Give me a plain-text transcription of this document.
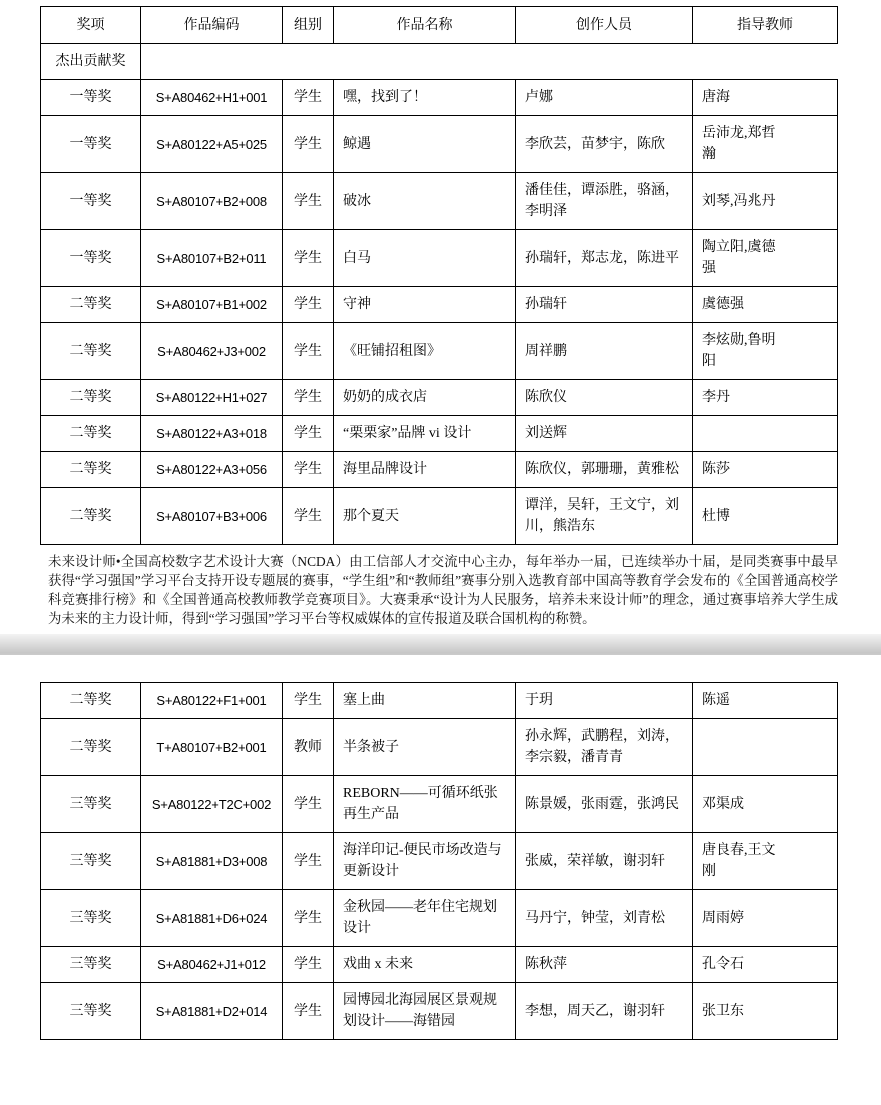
奖项	作品编码	组别	作品名称	创作人员	指导教师
杰出贡献奖					
一等奖	S+A80462+H1+001	学生	嘿，找到了！	卢娜	唐海
一等奖	S+A80122+A5+025	学生	鲸遇	李欣芸，苗梦宇，陈欣	岳沛龙,郑哲瀚
一等奖	S+A80107+B2+008	学生	破冰	潘佳佳，谭添胜，骆涵，李明泽	刘琴,冯兆丹
一等奖	S+A80107+B2+011	学生	白马	孙瑞轩，郑志龙，陈进平	陶立阳,虞德强
二等奖	S+A80107+B1+002	学生	守神	孙瑞轩	虞德强
二等奖	S+A80462+J3+002	学生	《旺铺招租图》	周祥鹏	李炫勋,鲁明阳
二等奖	S+A80122+H1+027	学生	奶奶的成衣店	陈欣仪	李丹
二等奖	S+A80122+A3+018	学生	“栗栗家”品牌 vi 设计	刘送辉	
二等奖	S+A80122+A3+056	学生	海里品牌设计	陈欣仪，郭珊珊，黄雅松	陈莎
二等奖	S+A80107+B3+006	学生	那个夏天	谭洋，吴轩，王文宁，刘川，熊浩东	杜博

未来设计师•全国高校数字艺术设计大赛（NCDA）由工信部人才交流中心主办，每年举办一届，已连续举办十届，是同类赛事中最早获得“学习强国”学习平台支持开设专题展的赛事，“学生组”和“教师组”赛事分别入选教育部中国高等教育学会发布的《全国普通高校学科竞赛排行榜》和《全国普通高校教师教学竞赛项目》。大赛秉承“设计为人民服务，培养未来设计师”的理念，通过赛事培养大学生成为未来的主力设计师，得到“学习强国”学习平台等权威媒体的宣传报道及联合国机构的称赞。

二等奖	S+A80122+F1+001	学生	塞上曲	于玥	陈遥
二等奖	T+A80107+B2+001	教师	半条被子	孙永辉，武鹏程，刘涛，李宗毅，潘青青	
三等奖	S+A80122+T2C+002	学生	REBORN——可循环纸张再生产品	陈景媛，张雨霆，张鸿民	邓渠成
三等奖	S+A81881+D3+008	学生	海洋印记-便民市场改造与更新设计	张威，荣祥敏，谢羽轩	唐良春,王文刚
三等奖	S+A81881+D6+024	学生	金秋园——老年住宅规划设计	马丹宁，钟莹，刘青松	周雨婷
三等奖	S+A80462+J1+012	学生	戏曲 x 未来	陈秋萍	孔令石
三等奖	S+A81881+D2+014	学生	园博园北海园展区景观规划设计——海错园	李想，周天乙，谢羽轩	张卫东
